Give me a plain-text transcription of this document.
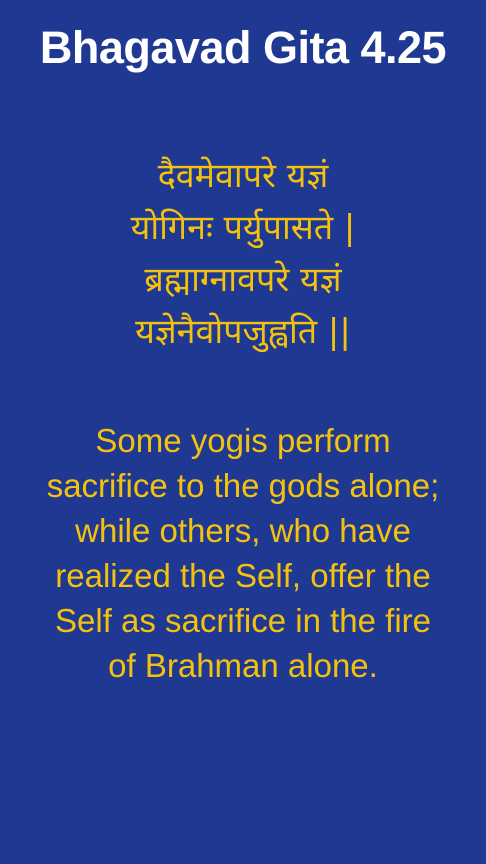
Bhagavad Gita 4.25
दैवमेवापरे यज्ञं
योगिनः पर्युपासते |
ब्रह्माग्नावपरे यज्ञं
यज्ञेनैवोपजुह्वति ||
Some yogis perform
sacrifice to the gods alone;
while others, who have
realized the Self, offer the
Self as sacrifice in the fire
of Brahman alone.
